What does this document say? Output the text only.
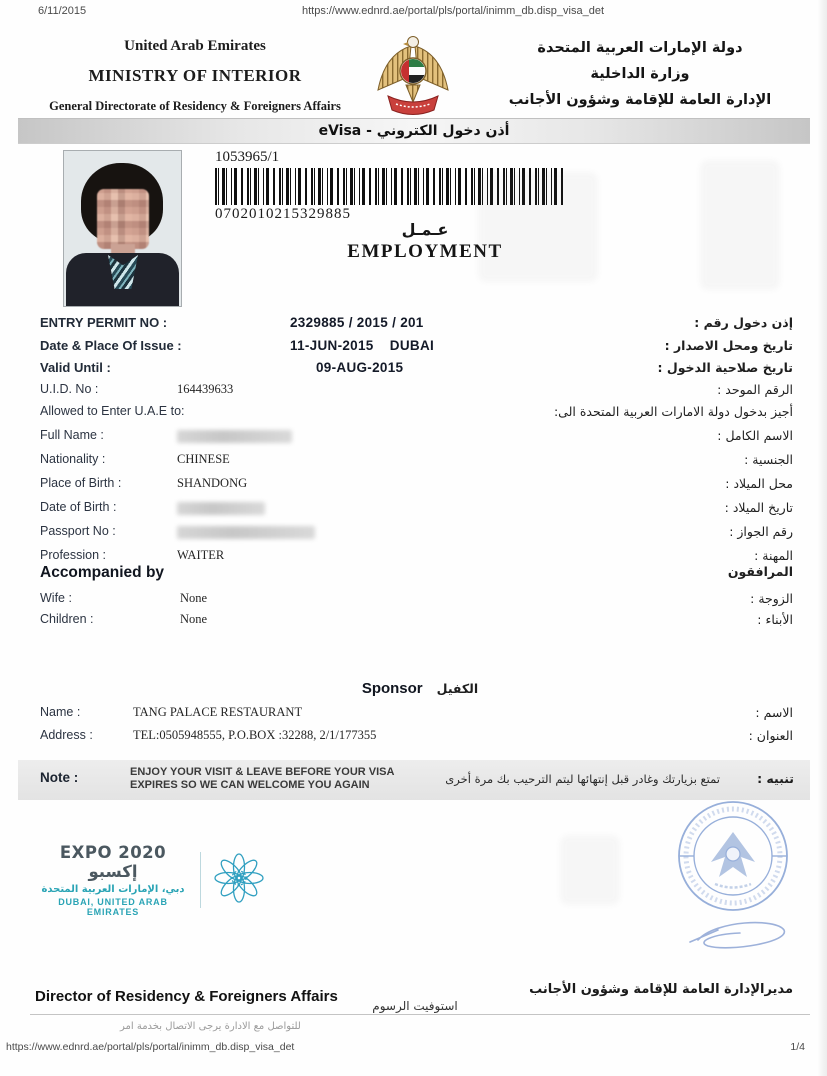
6/11/2015	https://www.ednrd.ae/portal/pls/portal/inimm_db.disp_visa_det
United Arab Emirates
MINISTRY OF INTERIOR
General Directorate of Residency & Foreigners Affairs
دولة الإمارات العربية المتحدة
وزارة الداخلية
الإدارة العامة للإقامة وشؤون الأجانب
أذن دخول الكتروني - eVisa
1053965/1
0702010215329885
عـمـل
EMPLOYMENT
ENTRY PERMIT NO :	2329885 / 2015 / 201	إذن دخول رقم :
Date & Place Of Issue :	11-JUN-2015    DUBAI	تاريخ ومحل الاصدار :
Valid Until :	09-AUG-2015	تاريخ صلاحية الدخول :
U.I.D. No :	164439633	الرقم الموحد :
Allowed to Enter U.A.E to:	أجيز بدخول دولة الامارات العربية المتحدة الى:
Full Name :	الاسم الكامل :
Nationality :	CHINESE	الجنسية :
Place of Birth :	SHANDONG	محل الميلاد :
Date of Birth :	تاريخ الميلاد :
Passport No :	رقم الجواز :
Profession :	WAITER	المهنة :
Accompanied by	المرافقون
Wife :	None	الزوجة :
Children :	None	الأبناء :
Sponsor الكفيل
Name :	TANG PALACE RESTAURANT	الاسم :
Address :	TEL:0505948555, P.O.BOX :32288, 2/1/177355	العنوان :
Note :	ENJOY YOUR VISIT & LEAVE BEFORE YOUR VISA
EXPIRES SO WE CAN WELCOME YOU AGAIN	تمتع بزيارتك وغادر قبل إنتهائها ليتم الترحيب بك مرة أخرى	تنبيه :
EXPO 2020 إكسبو
دبي، الإمارات العربية المتحدة
DUBAI, UNITED ARAB EMIRATES
Director of Residency & Foreigners Affairs	مديرالإدارة العامة للإقامة وشؤون الأجانب
استوفيت الرسوم
للتواصل مع الادارة يرجى الاتصال بخدمة امر
https://www.ednrd.ae/portal/pls/portal/inimm_db.disp_visa_det	1/4
